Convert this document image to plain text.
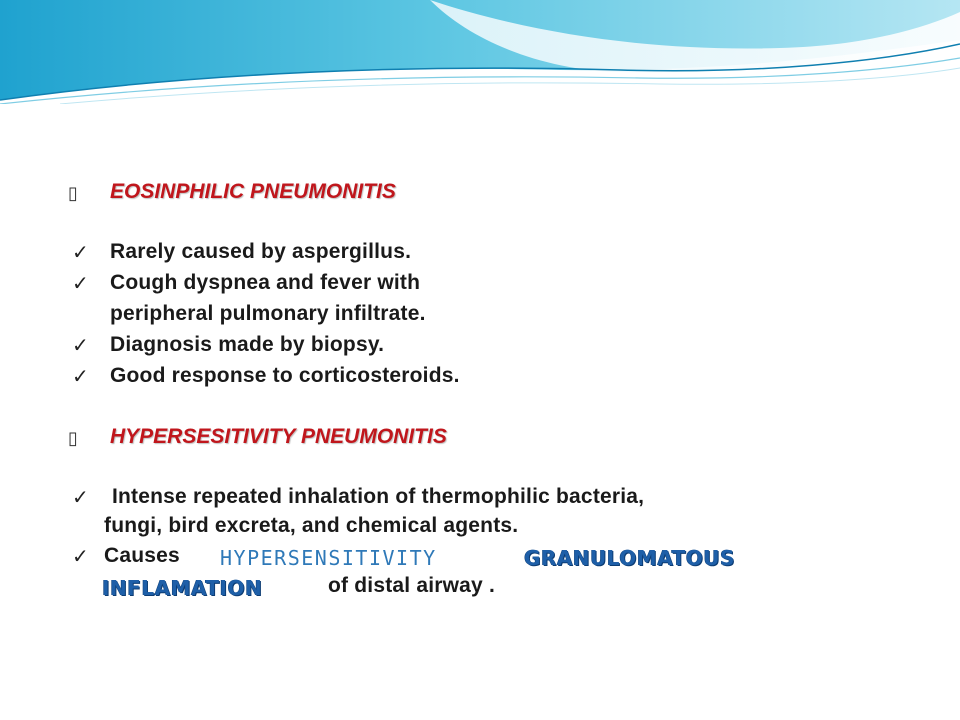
▯ EOSINPHILIC PNEUMONITIS
✓ Rarely caused by aspergillus.
✓ Cough dyspnea and fever with
peripheral pulmonary infiltrate.
✓ Diagnosis made by biopsy.
✓ Good response to corticosteroids.
▯ HYPERSESITIVITY PNEUMONITIS
✓ Intense repeated inhalation of thermophilic bacteria,
fungi, bird excreta, and chemical agents.
✓ Causes HYPERSENSITIVITY	GRANULOMATOUS
INFLAMATION	of distal airway .
